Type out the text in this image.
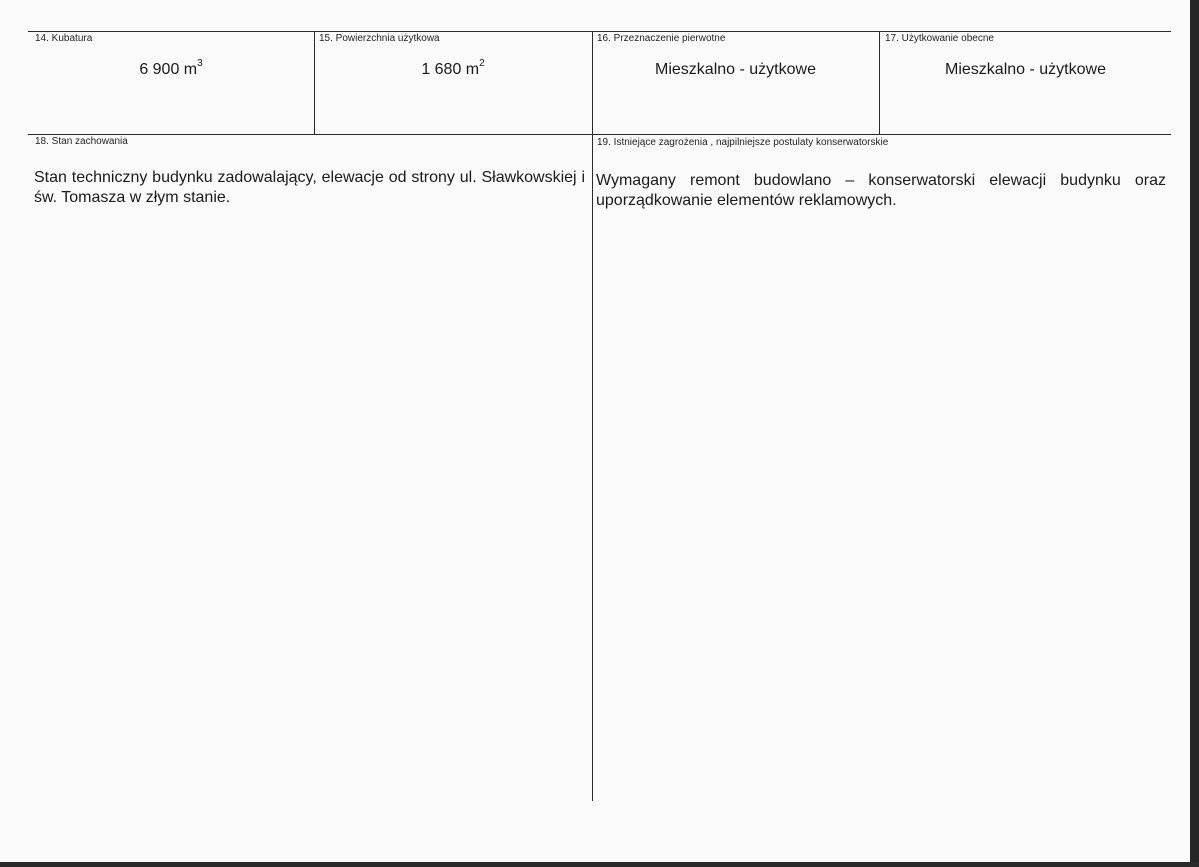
14. Kubatura
6 900 $m^3$
15. Powierzchnia użytkowa
1 680 $m^2$
16. Przeznaczenie pierwotne
Mieszkalno - użytkowe
17. Użytkowanie obecne
Mieszkalno - użytkowe
18. Stan zachowania
Stan techniczny budynku zadowalający, elewacje od strony ul. Sławkowskiej i św. Tomasza w złym stanie.
19. Istniejące zagrożenia , najpilniejsze postulaty konserwatorskie
Wymagany remont budowlano – konserwatorski elewacji budynku oraz uporządkowanie elementów reklamowych.
